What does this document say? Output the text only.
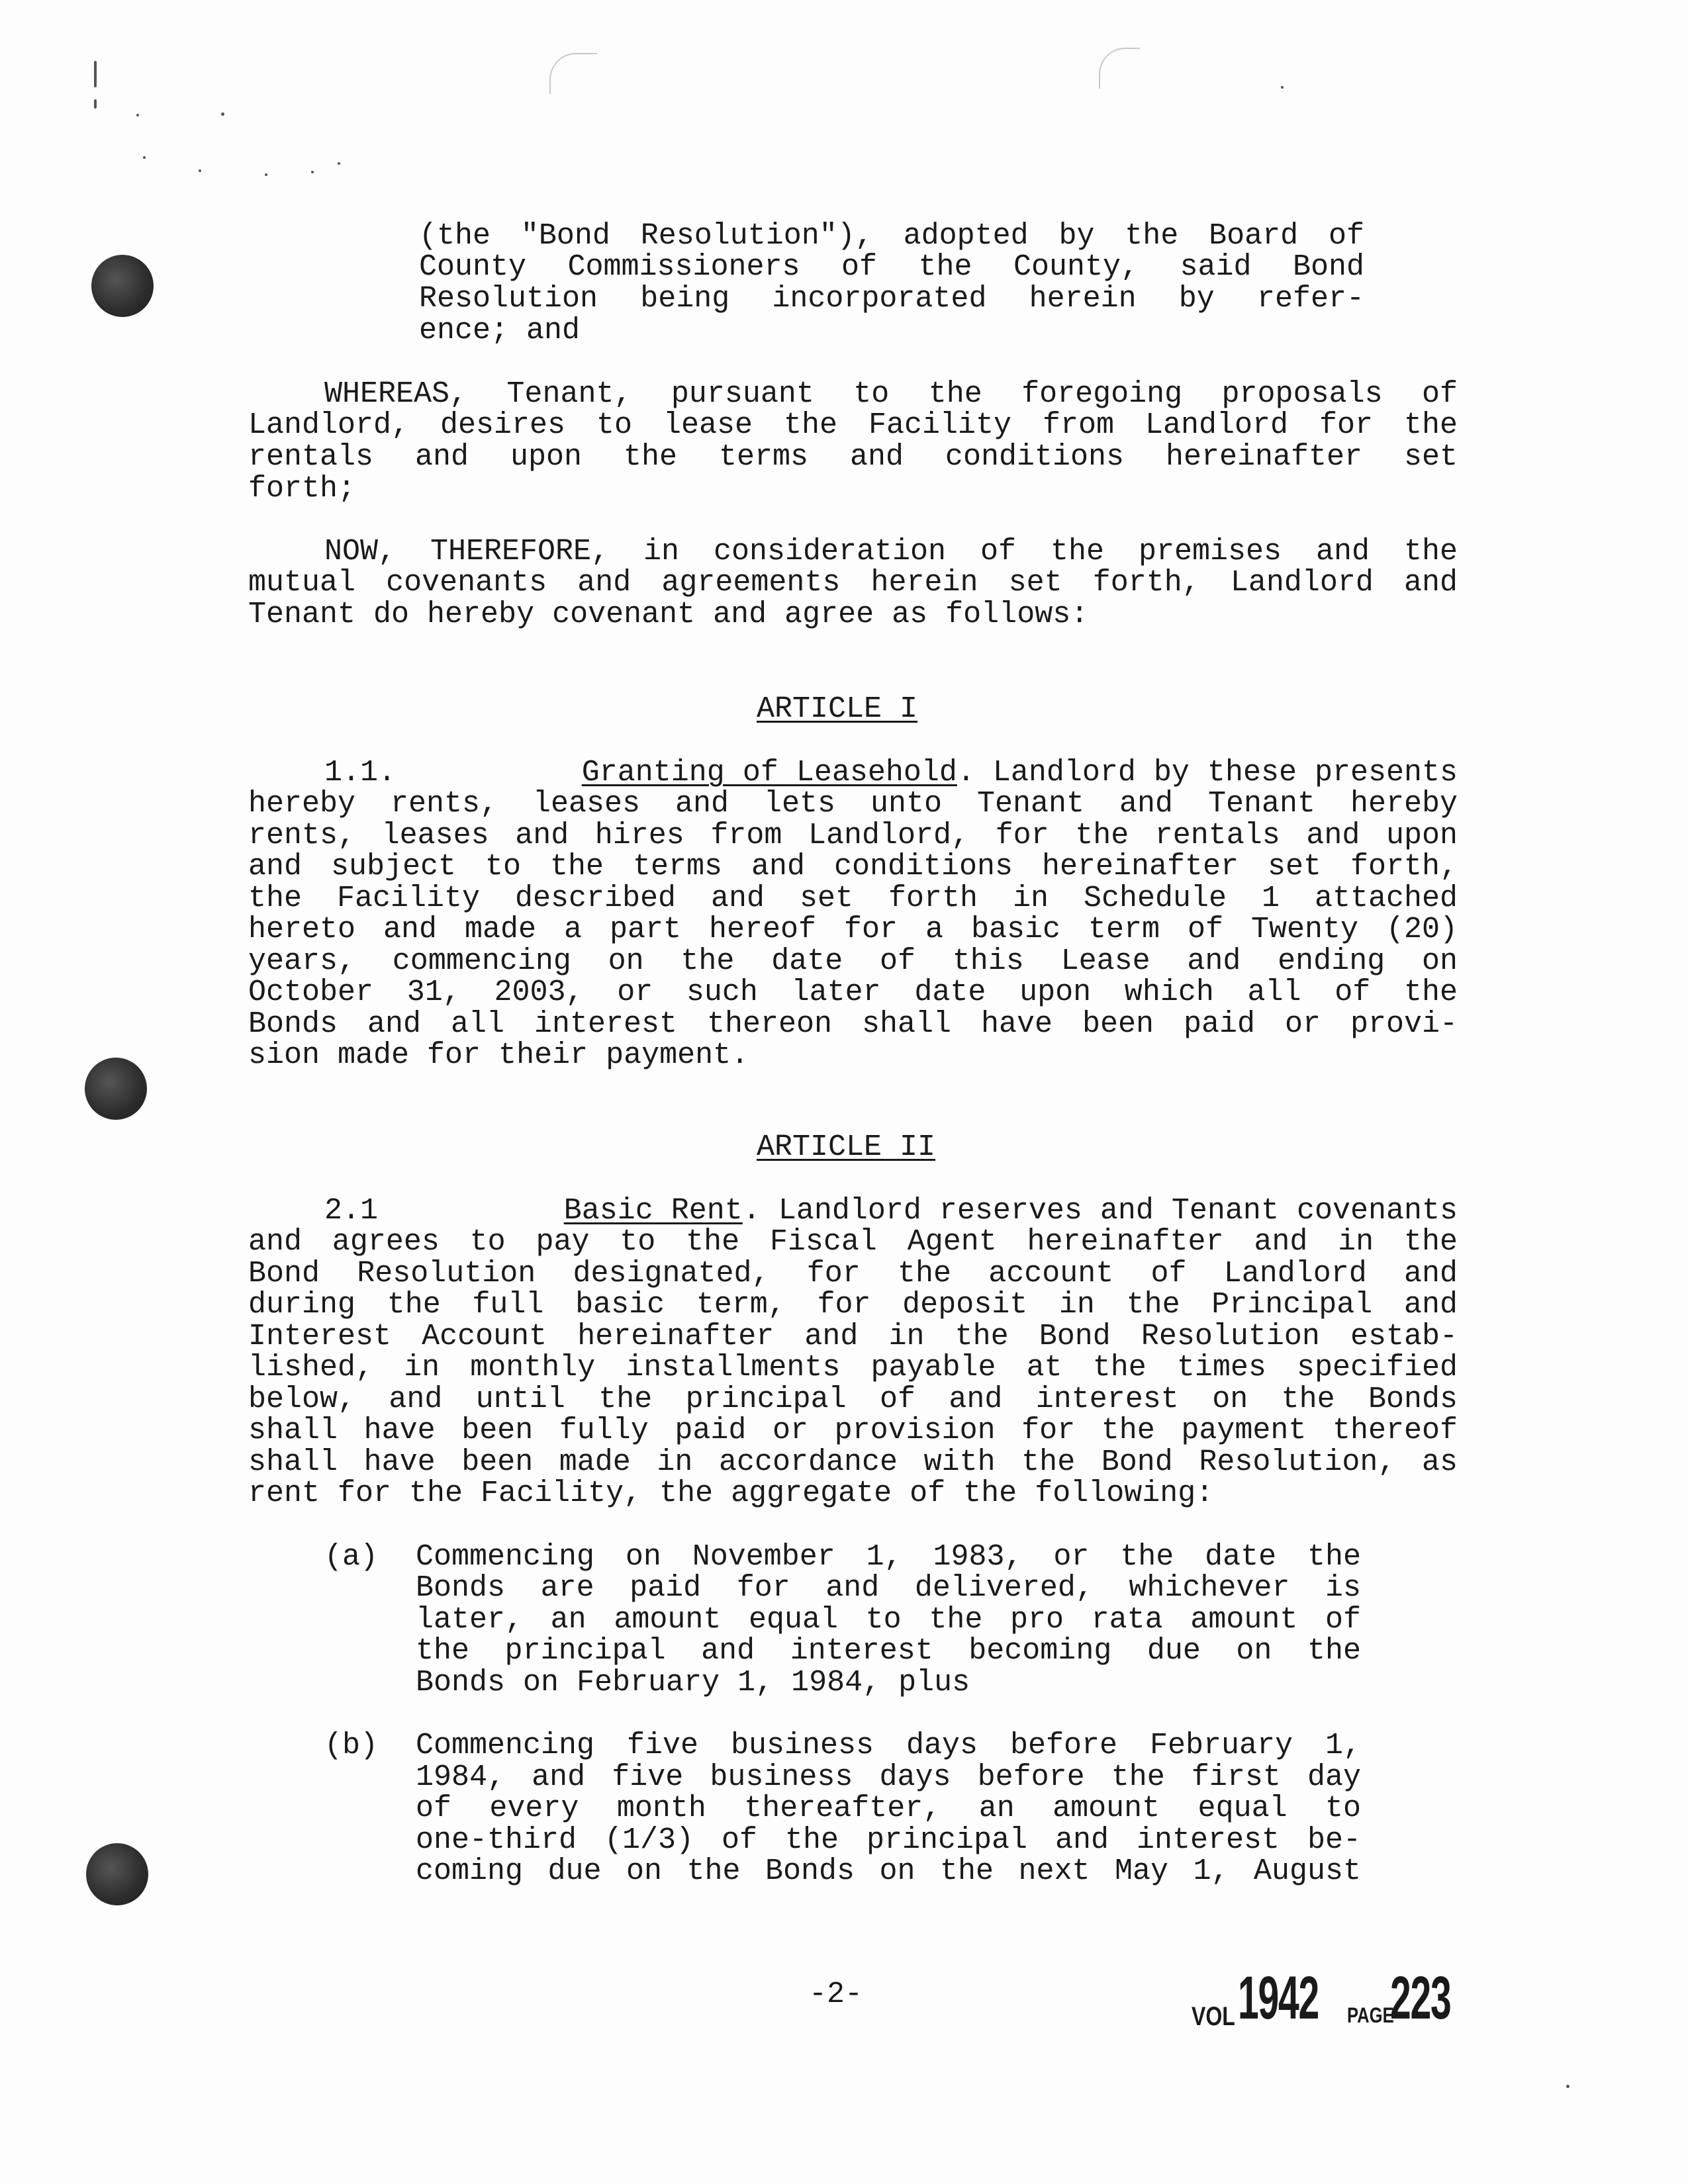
(the "Bond Resolution"), adopted by the Board of
County Commissioners of the County, said Bond
Resolution being incorporated herein by refer-
ence; and
WHEREAS, Tenant, pursuant to the foregoing proposals of
Landlord, desires to lease the Facility from Landlord for the
rentals and upon the terms and conditions hereinafter set
forth;
NOW, THEREFORE, in consideration of the premises and the
mutual covenants and agreements herein set forth, Landlord and
Tenant do hereby covenant and agree as follows:
ARTICLE I
1.1.	Granting of Leasehold. Landlord by these presents
hereby rents, leases and lets unto Tenant and Tenant hereby
rents, leases and hires from Landlord, for the rentals and upon
and subject to the terms and conditions hereinafter set forth,
the Facility described and set forth in Schedule 1 attached
hereto and made a part hereof for a basic term of Twenty (20)
years, commencing on the date of this Lease and ending on
October 31, 2003, or such later date upon which all of the
Bonds and all interest thereon shall have been paid or provi-
sion made for their payment.
ARTICLE II
2.1	Basic Rent. Landlord reserves and Tenant covenants
and agrees to pay to the Fiscal Agent hereinafter and in the
Bond Resolution designated, for the account of Landlord and
during the full basic term, for deposit in the Principal and
Interest Account hereinafter and in the Bond Resolution estab-
lished, in monthly installments payable at the times specified
below, and until the principal of and interest on the Bonds
shall have been fully paid or provision for the payment thereof
shall have been made in accordance with the Bond Resolution, as
rent for the Facility, the aggregate of the following:
(a) Commencing on November 1, 1983, or the date the
Bonds are paid for and delivered, whichever is
later, an amount equal to the pro rata amount of
the principal and interest becoming due on the
Bonds on February 1, 1984, plus
(b) Commencing five business days before February 1,
1984, and five business days before the first day
of every month thereafter, an amount equal to
one-third (1/3) of the principal and interest be-
coming due on the Bonds on the next May 1, August
-2-
VOL 1942 PAGE
223
